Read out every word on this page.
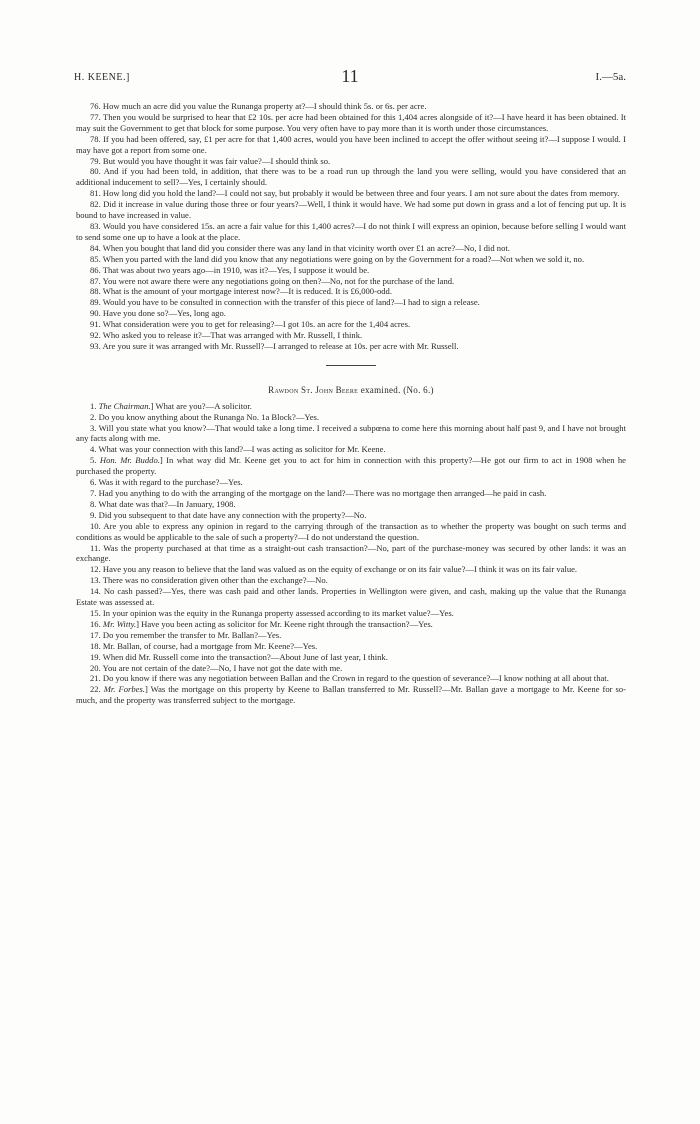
H. KEENE.]	11	I.—5a.

76. How much an acre did you value the Runanga property at?—I should think 5s. or 6s. per acre.

77. Then you would be surprised to hear that £2 10s. per acre had been obtained for this 1,404 acres alongside of it?—I have heard it has been obtained. It may suit the Government to get that block for some purpose. You very often have to pay more than it is worth under those circumstances.

78. If you had been offered, say, £1 per acre for that 1,400 acres, would you have been inclined to accept the offer without seeing it?—I suppose I would. I may have got a report from some one.

79. But would you have thought it was fair value?—I should think so.

80. And if you had been told, in addition, that there was to be a road run up through the land you were selling, would you have considered that an additional inducement to sell?—Yes, I certainly should.

81. How long did you hold the land?—I could not say, but probably it would be between three and four years. I am not sure about the dates from memory.

82. Did it increase in value during those three or four years?—Well, I think it would have. We had some put down in grass and a lot of fencing put up. It is bound to have increased in value.

83. Would you have considered 15s. an acre a fair value for this 1,400 acres?—I do not think I will express an opinion, because before selling I would want to send some one up to have a look at the place.

84. When you bought that land did you consider there was any land in that vicinity worth over £1 an acre?—No, I did not.

85. When you parted with the land did you know that any negotiations were going on by the Government for a road?—Not when we sold it, no.

86. That was about two years ago—in 1910, was it?—Yes, I suppose it would be.

87. You were not aware there were any negotiations going on then?—No, not for the purchase of the land.

88. What is the amount of your mortgage interest now?—It is reduced. It is £6,000-odd.

89. Would you have to be consulted in connection with the transfer of this piece of land?—I had to sign a release.

90. Have you done so?—Yes, long ago.

91. What consideration were you to get for releasing?—I got 10s. an acre for the 1,404 acres.

92. Who asked you to release it?—That was arranged with Mr. Russell, I think.

93. Are you sure it was arranged with Mr. Russell?—I arranged to release at 10s. per acre with Mr. Russell.

Rawdon St. John Beere examined. (No. 6.)

1. The Chairman.] What are you?—A solicitor.

2. Do you know anything about the Runanga No. 1a Block?—Yes.

3. Will you state what you know?—That would take a long time. I received a subpœna to come here this morning about half past 9, and I have not brought any facts along with me.

4. What was your connection with this land?—I was acting as solicitor for Mr. Keene.

5. Hon. Mr. Buddo.] In what way did Mr. Keene get you to act for him in connection with this property?—He got our firm to act in 1908 when he purchased the property.

6. Was it with regard to the purchase?—Yes.

7. Had you anything to do with the arranging of the mortgage on the land?—There was no mortgage then arranged—he paid in cash.

8. What date was that?—In January, 1908.

9. Did you subsequent to that date have any connection with the property?—No.

10. Are you able to express any opinion in regard to the carrying through of the transaction as to whether the property was bought on such terms and conditions as would be applicable to the sale of such a property?—I do not understand the question.

11. Was the property purchased at that time as a straight-out cash transaction?—No, part of the purchase-money was secured by other lands: it was an exchange.

12. Have you any reason to believe that the land was valued as on the equity of exchange or on its fair value?—I think it was on its fair value.

13. There was no consideration given other than the exchange?—No.

14. No cash passed?—Yes, there was cash paid and other lands. Properties in Wellington were given, and cash, making up the value that the Runanga Estate was assessed at.

15. In your opinion was the equity in the Runanga property assessed according to its market value?—Yes.

16. Mr. Witty.] Have you been acting as solicitor for Mr. Keene right through the transaction?—Yes.

17. Do you remember the transfer to Mr. Ballan?—Yes.

18. Mr. Ballan, of course, had a mortgage from Mr. Keene?—Yes.

19. When did Mr. Russell come into the transaction?—About June of last year, I think.

20. You are not certain of the date?—No, I have not got the date with me.

21. Do you know if there was any negotiation between Ballan and the Crown in regard to the question of severance?—I know nothing at all about that.

22. Mr. Forbes.] Was the mortgage on this property by Keene to Ballan transferred to Mr. Russell?—Mr. Ballan gave a mortgage to Mr. Keene for so-much, and the property was transferred subject to the mortgage.
